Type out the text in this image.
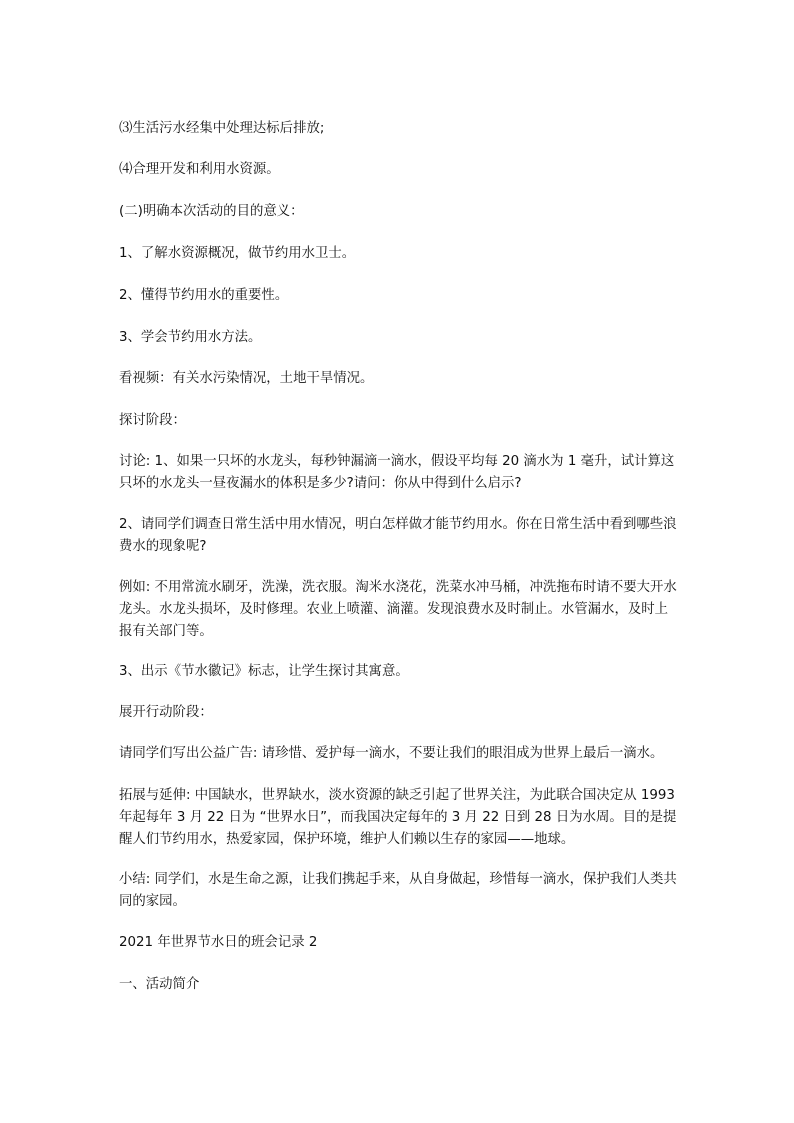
⑶生活污水经集中处理达标后排放;

⑷合理开发和利用水资源。

(二)明确本次活动的目的意义：

1、了解水资源概况，做节约用水卫士。

2、懂得节约用水的重要性。

3、学会节约用水方法。

看视频：有关水污染情况，土地干旱情况。

探讨阶段：

讨论: 1、如果一只坏的水龙头，每秒钟漏滴一滴水，假设平均每 20 滴水为 1 毫升，试计算这只坏的水龙头一昼夜漏水的体积是多少?请问：你从中得到什么启示?

2、请同学们调查日常生活中用水情况，明白怎样做才能节约用水。你在日常生活中看到哪些浪费水的现象呢?

例如: 不用常流水刷牙，洗澡，洗衣服。淘米水浇花，洗菜水冲马桶，冲洗拖布时请不要大开水龙头。水龙头损坏，及时修理。农业上喷灌、滴灌。发现浪费水及时制止。水管漏水，及时上报有关部门等。

3、出示《节水徽记》标志，让学生探讨其寓意。

展开行动阶段：

请同学们写出公益广告: 请珍惜、爱护每一滴水，不要让我们的眼泪成为世界上最后一滴水。

拓展与延伸: 中国缺水，世界缺水，淡水资源的缺乏引起了世界关注，为此联合国决定从 1993 年起每年 3 月 22 日为 “世界水日”，而我国决定每年的 3 月 22 日到 28 日为水周。目的是提醒人们节约用水，热爱家园，保护环境，维护人们赖以生存的家园——地球。

小结: 同学们，水是生命之源，让我们携起手来，从自身做起，珍惜每一滴水，保护我们人类共同的家园。

2021 年世界节水日的班会记录 2

一、活动简介
